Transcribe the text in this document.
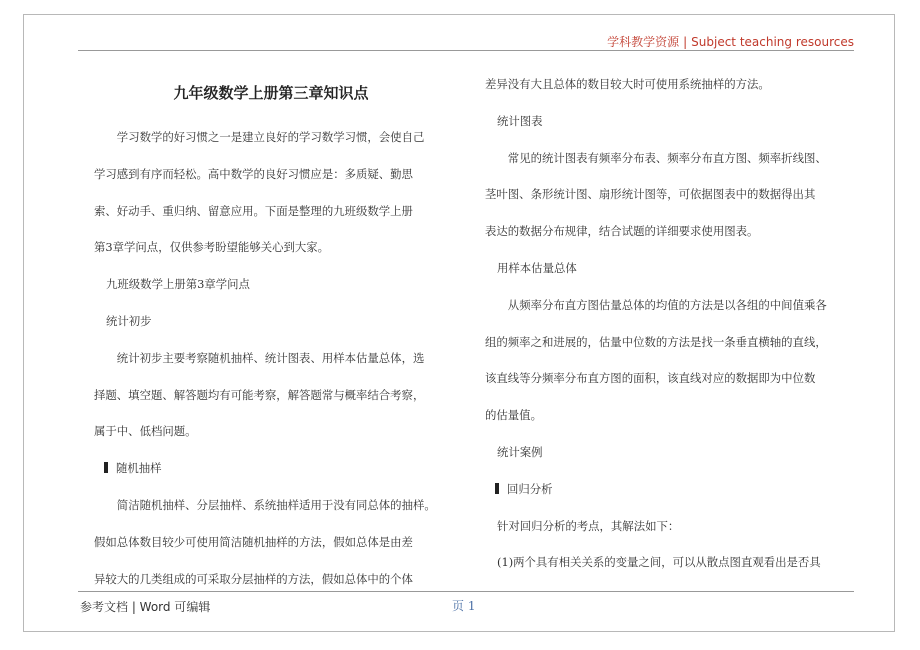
学科教学资源 | Subject teaching resources
九年级数学上册第三章知识点

学习数学的好习惯之一是建立良好的学习数学习惯，会使自己

学习感到有序而轻松。高中数学的良好习惯应是：多质疑、勤思

索、好动手、重归纳、留意应用。下面是整理的九班级数学上册

第3章学问点，仅供参考盼望能够关心到大家。

九班级数学上册第3章学问点

统计初步

统计初步主要考察随机抽样、统计图表、用样本估量总体，选

择题、填空题、解答题均有可能考察，解答题常与概率结合考察，

属于中、低档问题。

随机抽样

简洁随机抽样、分层抽样、系统抽样适用于没有同总体的抽样。

假如总体数目较少可使用简洁随机抽样的方法，假如总体是由差

异较大的几类组成的可采取分层抽样的方法，假如总体中的个体

差异没有大且总体的数目较大时可使用系统抽样的方法。

统计图表

常见的统计图表有频率分布表、频率分布直方图、频率折线图、

茎叶图、条形统计图、扇形统计图等，可依据图表中的数据得出其

表达的数据分布规律，结合试题的详细要求使用图表。

用样本估量总体

从频率分布直方图估量总体的均值的方法是以各组的中间值乘各

组的频率之和进展的，估量中位数的方法是找一条垂直横轴的直线，

该直线等分频率分布直方图的面积，该直线对应的数据即为中位数

的估量值。

统计案例

回归分析

针对回归分析的考点，其解法如下：

(1)两个具有相关关系的变量之间，可以从散点图直观看出是否具

参考文档 | Word 可编辑	页 1
